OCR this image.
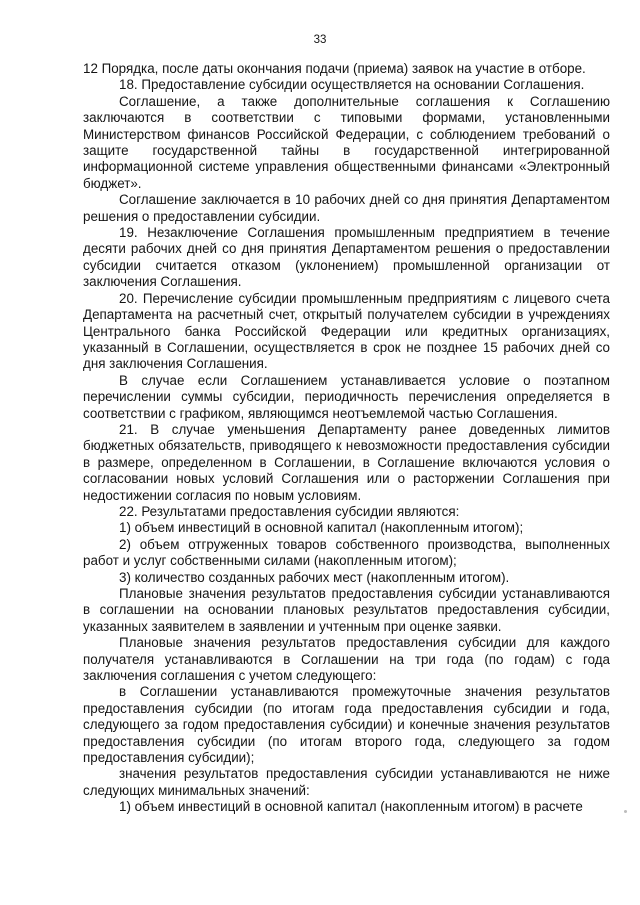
33

12 Порядка, после даты окончания подачи (приема) заявок на участие в отборе.

18. Предоставление субсидии осуществляется на основании Соглашения.

Соглашение, а также дополнительные соглашения к Соглашению заключаются в соответствии с типовыми формами, установленными Министерством финансов Российской Федерации, с соблюдением требований о защите государственной тайны в государственной интегрированной информационной системе управления общественными финансами «Электронный бюджет».

Соглашение заключается в 10 рабочих дней со дня принятия Департаментом решения о предоставлении субсидии.

19. Незаключение Соглашения промышленным предприятием в течение десяти рабочих дней со дня принятия Департаментом решения о предоставлении субсидии считается отказом (уклонением) промышленной организации от заключения Соглашения.

20. Перечисление субсидии промышленным предприятиям с лицевого счета Департамента на расчетный счет, открытый получателем субсидии в учреждениях Центрального банка Российской Федерации или кредитных организациях, указанный в Соглашении, осуществляется в срок не позднее 15 рабочих дней со дня заключения Соглашения.

В случае если Соглашением устанавливается условие о поэтапном перечислении суммы субсидии, периодичность перечисления определяется в соответствии с графиком, являющимся неотъемлемой частью Соглашения.

21. В случае уменьшения Департаменту ранее доведенных лимитов бюджетных обязательств, приводящего к невозможности предоставления субсидии в размере, определенном в Соглашении, в Соглашение включаются условия о согласовании новых условий Соглашения или о расторжении Соглашения при недостижении согласия по новым условиям.

22. Результатами предоставления субсидии являются:

1) объем инвестиций в основной капитал (накопленным итогом);

2) объем отгруженных товаров собственного производства, выполненных работ и услуг собственными силами (накопленным итогом);

3) количество созданных рабочих мест (накопленным итогом).

Плановые значения результатов предоставления субсидии устанавливаются в соглашении на основании плановых результатов предоставления субсидии, указанных заявителем в заявлении и учтенным при оценке заявки.

Плановые значения результатов предоставления субсидии для каждого получателя устанавливаются в Соглашении на три года (по годам) с года заключения соглашения с учетом следующего:

в Соглашении устанавливаются промежуточные значения результатов предоставления субсидии (по итогам года предоставления субсидии и года, следующего за годом предоставления субсидии) и конечные значения результатов предоставления субсидии (по итогам второго года, следующего за годом предоставления субсидии);

значения результатов предоставления субсидии устанавливаются не ниже следующих минимальных значений:

1) объем инвестиций в основной капитал (накопленным итогом) в расчете
